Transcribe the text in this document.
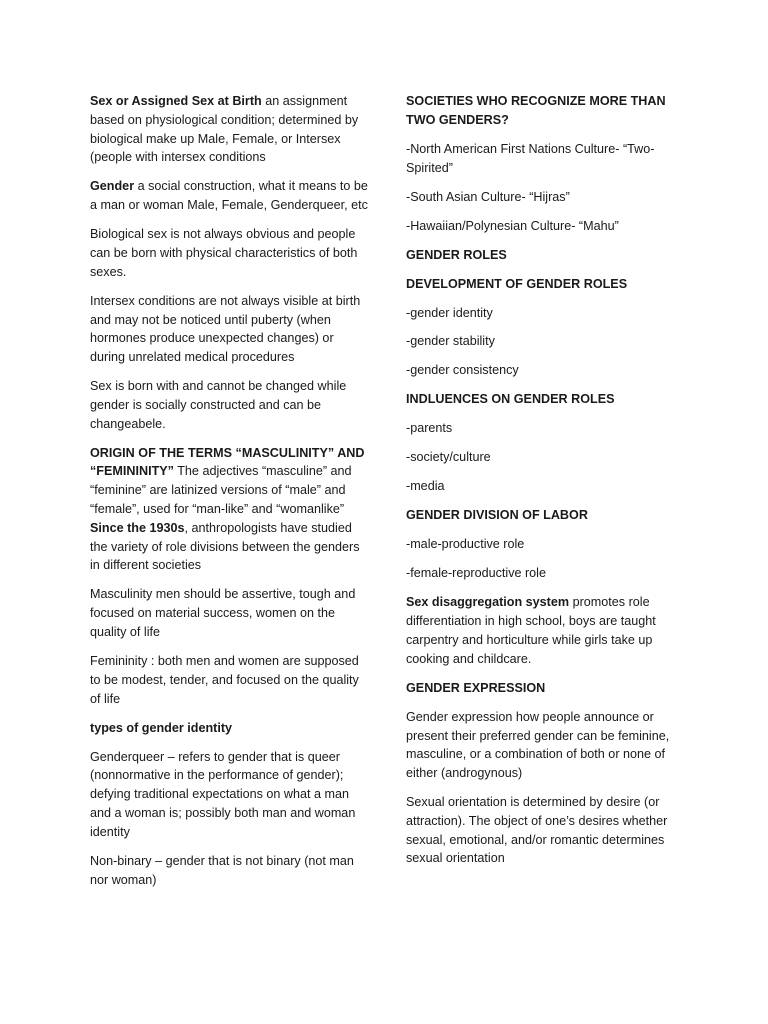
Sex or Assigned Sex at Birth an assignment based on physiological condition; determined by biological make up Male, Female, or Intersex (people with intersex conditions

Gender a social construction, what it means to be a man or woman Male, Female, Genderqueer, etc

Biological sex is not always obvious and people can be born with physical characteristics of both sexes.

Intersex conditions are not always visible at birth and may not be noticed until puberty (when hormones produce unexpected changes) or during unrelated medical procedures

Sex is born with and cannot be changed while gender is socially constructed and can be changeabele.

ORIGIN OF THE TERMS “MASCULINITY” AND “FEMININITY” The adjectives “masculine” and “feminine” are latinized versions of “male” and “female”, used for “man-like” and “womanlike” Since the 1930s, anthropologists have studied the variety of role divisions between the genders in different societies

Masculinity men should be assertive, tough and focused on material success, women on the quality of life

Femininity : both men and women are supposed to be modest, tender, and focused on the quality of life

types of gender identity

Genderqueer – refers to gender that is queer (nonnormative in the performance of gender); defying traditional expectations on what a man and a woman is; possibly both man and woman identity

Non-binary – gender that is not binary (not man nor woman)

SOCIETIES WHO RECOGNIZE MORE THAN TWO GENDERS?

-North American First Nations Culture- “Two-Spirited”

-South Asian Culture- “Hijras”

-Hawaiian/Polynesian Culture- “Mahu”

GENDER ROLES

DEVELOPMENT OF GENDER ROLES

-gender identity

-gender stability

-gender consistency

INDLUENCES ON GENDER ROLES

-parents

-society/culture

-media

GENDER DIVISION OF LABOR

-male-productive role

-female-reproductive role

Sex disaggregation system promotes role differentiation in high school, boys are taught carpentry and horticulture while girls take up cooking and childcare.

GENDER EXPRESSION

Gender expression how people announce or present their preferred gender can be feminine, masculine, or a combination of both or none of either (androgynous)

Sexual orientation is determined by desire (or attraction). The object of one’s desires whether sexual, emotional, and/or romantic determines sexual orientation
